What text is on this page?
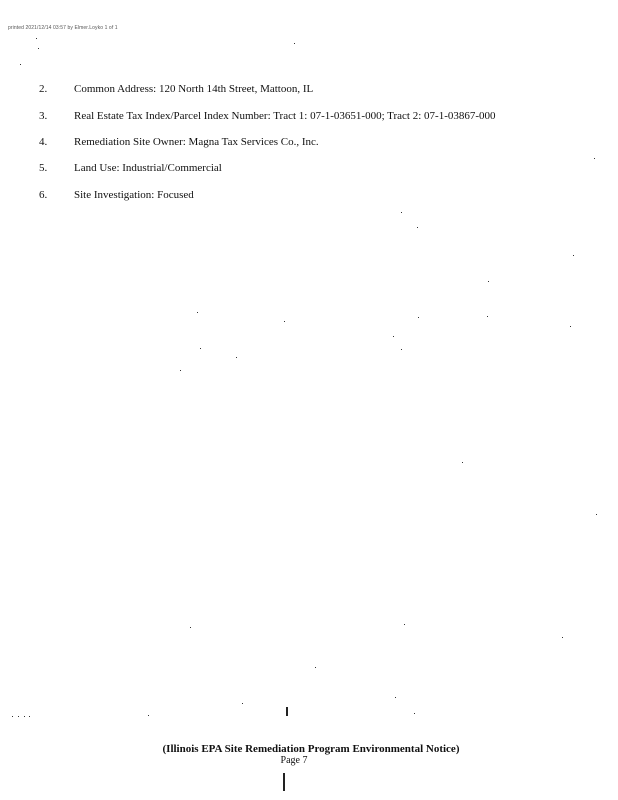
printed 2021/12/14 03:57 by Elmer.Loyko 1 of 1
2.	Common Address: 120 North 14th Street, Mattoon, IL
3.	Real Estate Tax Index/Parcel Index Number: Tract 1: 07-1-03651-000; Tract 2: 07-1-03867-000
4.	Remediation Site Owner: Magna Tax Services Co., Inc.
5.	Land Use: Industrial/Commercial
6.	Site Investigation: Focused
(Illinois EPA Site Remediation Program Environmental Notice)
Page 7
